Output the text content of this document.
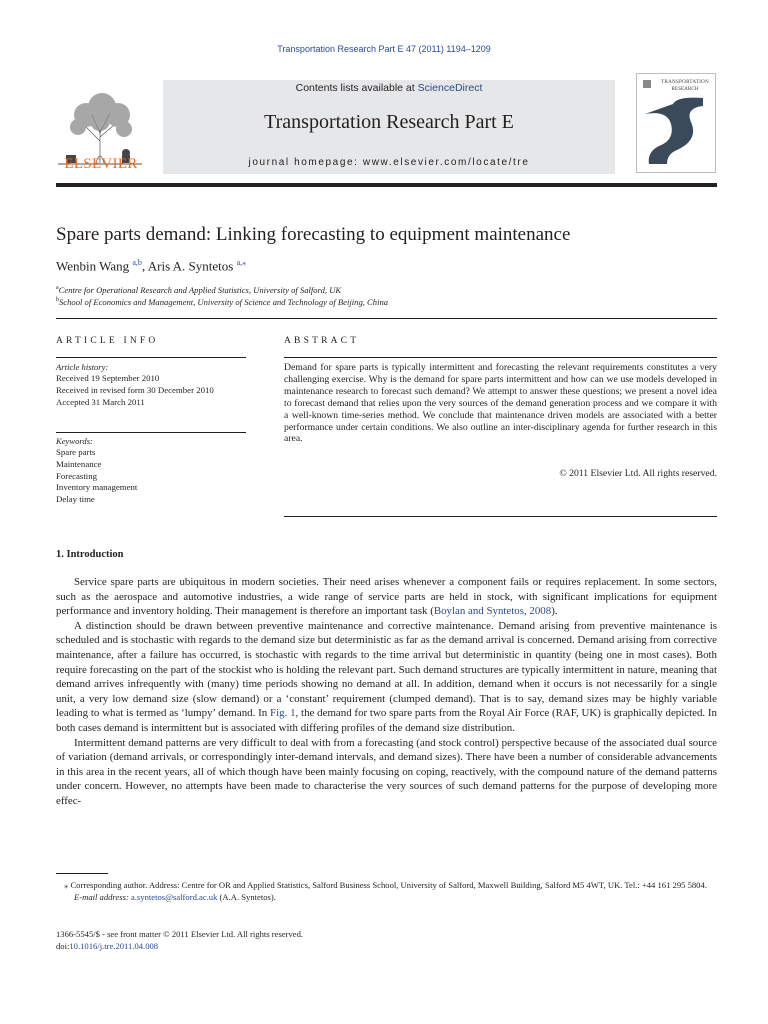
Transportation Research Part E 47 (2011) 1194–1209
ELSEVIER
Contents lists available at ScienceDirect
Transportation Research Part E
journal homepage: www.elsevier.com/locate/tre
TRANSPORTATION
RESEARCH
Spare parts demand: Linking forecasting to equipment maintenance
Wenbin Wang $^{a,b}$, Aris A. Syntetos $^{a,⁎}$
$^a$Centre for Operational Research and Applied Statistics, University of Salford, UK
$^b$School of Economics and Management, University of Science and Technology of Beijing, China
ARTICLE INFO
Article history:
Received 19 September 2010
Received in revised form 30 December 2010
Accepted 31 March 2011
Keywords:
Spare parts
Maintenance
Forecasting
Inventory management
Delay time
ABSTRACT
Demand for spare parts is typically intermittent and forecasting the relevant requirements constitutes a very challenging exercise. Why is the demand for spare parts intermittent and how can we use models developed in maintenance research to forecast such demand? We attempt to answer these questions; we present a novel idea to forecast demand that relies upon the very sources of the demand generation process and we compare it with a well-known time-series method. We conclude that maintenance driven models are associated with a better performance under certain conditions. We also outline an inter-disciplinary agenda for further research in this area.
© 2011 Elsevier Ltd. All rights reserved.
1. Introduction

Service spare parts are ubiquitous in modern societies. Their need arises whenever a component fails or requires replacement. In some sectors, such as the aerospace and automotive industries, a wide range of service parts are held in stock, with significant implications for equipment performance and inventory holding. Their management is therefore an important task (Boylan and Syntetos, 2008).

A distinction should be drawn between preventive maintenance and corrective maintenance. Demand arising from preventive maintenance is scheduled and is stochastic with regards to the demand size but deterministic as far as the demand arrival is concerned. Demand arising from corrective maintenance, after a failure has occurred, is stochastic with regards to the time arrival but deterministic in quantity (being one in most cases). Both require forecasting on the part of the stockist who is holding the relevant part. Such demand structures are typically intermittent in nature, meaning that demand arrives infrequently with (many) time periods showing no demand at all. In addition, demand when it occurs is not necessarily for a single unit, a very low demand size (slow demand) or a ‘constant’ requirement (clumped demand). That is to say, demand sizes may be highly variable leading to what is termed as ‘lumpy’ demand. In Fig. 1, the demand for two spare parts from the Royal Air Force (RAF, UK) is graphically depicted. In both cases demand is intermittent but is associated with differing profiles of the demand size distribution.

Intermittent demand patterns are very difficult to deal with from a forecasting (and stock control) perspective because of the associated dual source of variation (demand arrivals, or correspondingly inter-demand intervals, and demand sizes). There have been a number of considerable advancements in this area in the recent years, all of which though have been mainly focusing on coping, reactively, with the compound nature of the demand patterns under concern. However, no attempts have been made to characterise the very sources of such demand patterns for the purpose of developing more effec-

⁎ Corresponding author. Address: Centre for OR and Applied Statistics, Salford Business School, University of Salford, Maxwell Building, Salford M5 4WT, UK. Tel.: +44 161 295 5804.
E-mail address: a.syntetos@salford.ac.uk (A.A. Syntetos).
1366-5545/$ - see front matter © 2011 Elsevier Ltd. All rights reserved.
doi:10.1016/j.tre.2011.04.008
